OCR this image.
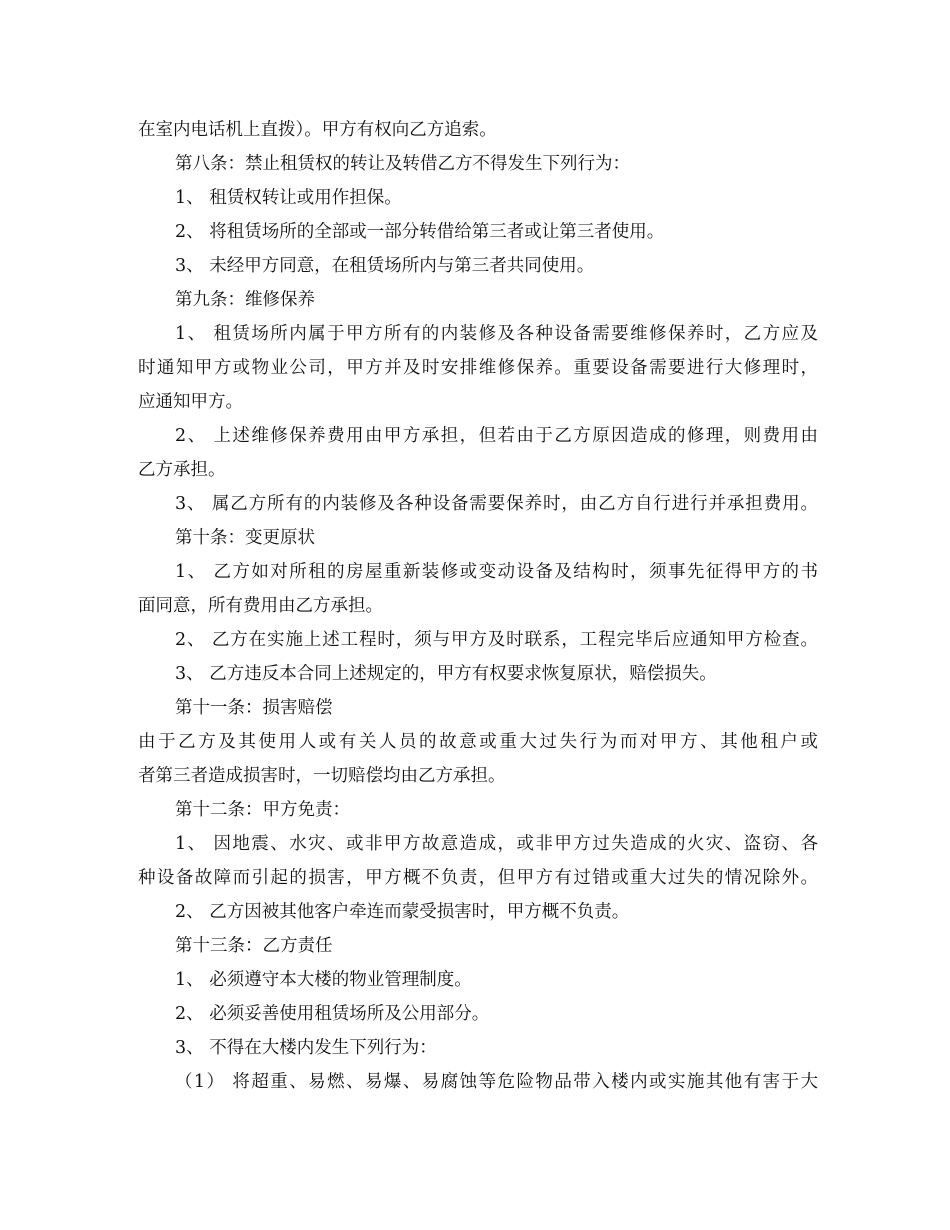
在室内电话机上直拨）。甲方有权向乙方追索。
第八条：禁止租赁权的转让及转借乙方不得发生下列行为：
1、 租赁权转让或用作担保。
2、 将租赁场所的全部或一部分转借给第三者或让第三者使用。
3、 未经甲方同意，在租赁场所内与第三者共同使用。
第九条：维修保养
1、 租赁场所内属于甲方所有的内装修及各种设备需要维修保养时，乙方应及
时通知甲方或物业公司，甲方并及时安排维修保养。重要设备需要进行大修理时，
应通知甲方。
2、 上述维修保养费用由甲方承担，但若由于乙方原因造成的修理，则费用由
乙方承担。
3、 属乙方所有的内装修及各种设备需要保养时，由乙方自行进行并承担费用。
第十条：变更原状
1、 乙方如对所租的房屋重新装修或变动设备及结构时，须事先征得甲方的书
面同意，所有费用由乙方承担。
2、 乙方在实施上述工程时，须与甲方及时联系，工程完毕后应通知甲方检查。
3、 乙方违反本合同上述规定的，甲方有权要求恢复原状，赔偿损失。
第十一条：损害赔偿
由于乙方及其使用人或有关人员的故意或重大过失行为而对甲方、其他租户或
者第三者造成损害时，一切赔偿均由乙方承担。
第十二条：甲方免责：
1、 因地震、水灾、或非甲方故意造成，或非甲方过失造成的火灾、盗窃、各
种设备故障而引起的损害，甲方概不负责，但甲方有过错或重大过失的情况除外。
2、 乙方因被其他客户牵连而蒙受损害时，甲方概不负责。
第十三条：乙方责任
1、 必须遵守本大楼的物业管理制度。
2、 必须妥善使用租赁场所及公用部分。
3、 不得在大楼内发生下列行为：
（1） 将超重、易燃、易爆、易腐蚀等危险物品带入楼内或实施其他有害于大
